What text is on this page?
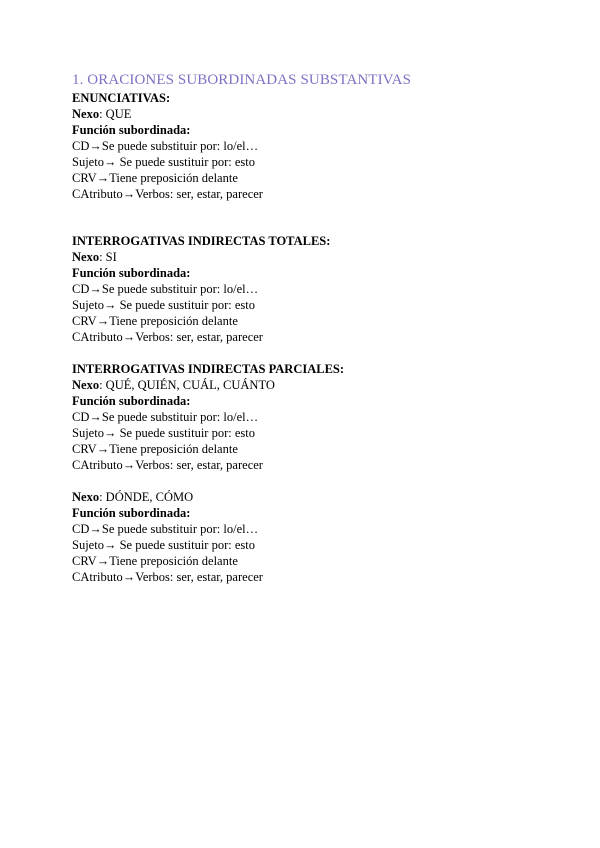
1. ORACIONES SUBORDINADAS SUBSTANTIVAS
ENUNCIATIVAS:
Nexo: QUE
Función subordinada:
CD→Se puede substituir por: lo/el…
Sujeto→ Se puede sustituir por: esto
CRV→Tiene preposición delante
CAtributo→Verbos: ser, estar, parecer
INTERROGATIVAS INDIRECTAS TOTALES:
Nexo: SI
Función subordinada:
CD→Se puede substituir por: lo/el…
Sujeto→ Se puede sustituir por: esto
CRV→Tiene preposición delante
CAtributo→Verbos: ser, estar, parecer
INTERROGATIVAS INDIRECTAS PARCIALES:
Nexo: QUÉ, QUIÉN, CUÁL, CUÁNTO
Función subordinada:
CD→Se puede substituir por: lo/el…
Sujeto→ Se puede sustituir por: esto
CRV→Tiene preposición delante
CAtributo→Verbos: ser, estar, parecer
Nexo: DÓNDE, CÓMO
Función subordinada:
CD→Se puede substituir por: lo/el…
Sujeto→ Se puede sustituir por: esto
CRV→Tiene preposición delante
CAtributo→Verbos: ser, estar, parecer
